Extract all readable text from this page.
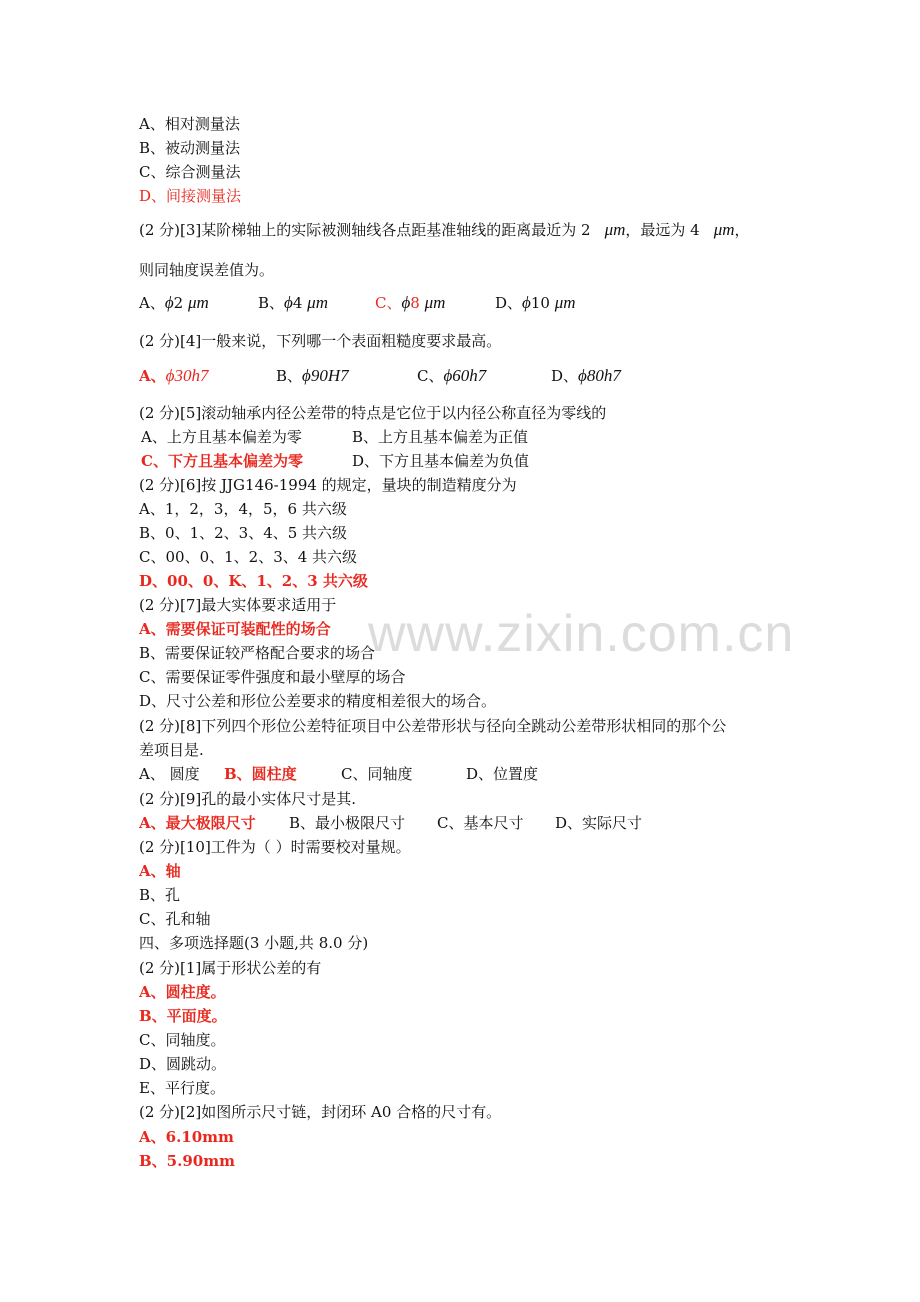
www.zixin.com.cn
A、相对测量法
B、被动测量法
C、综合测量法
D、间接测量法
(2 分)[3]某阶梯轴上的实际被测轴线各点距基准轴线的距离最近为 2 μm，最远为 4 μm，
则同轴度误差值为。
A、ϕ2 μm	B、ϕ4 μm	C、ϕ8 μm	D、ϕ10 μm
(2 分)[4]一般来说，下列哪一个表面粗糙度要求最高。
A、ϕ30h7	B、ϕ90H7	C、ϕ60h7	D、ϕ80h7
(2 分)[5]滚动轴承内径公差带的特点是它位于以内径公称直径为零线的
A、上方且基本偏差为零	B、上方且基本偏差为正值
C、下方且基本偏差为零	D、下方且基本偏差为负值
(2 分)[6]按 JJG146-1994 的规定，量块的制造精度分为
A、1，2，3，4，5，6 共六级
B、0、1、2、3、4、5 共六级
C、00、0、1、2、3、4 共六级
D、00、0、K、1、2、3 共六级
(2 分)[7]最大实体要求适用于
A、需要保证可装配性的场合
B、需要保证较严格配合要求的场合
C、需要保证零件强度和最小壁厚的场合
D、尺寸公差和形位公差要求的精度相差很大的场合。
(2 分)[8]下列四个形位公差特征项目中公差带形状与径向全跳动公差带形状相同的那个公
差项目是.
A、 圆度 B、圆柱度	C、同轴度	D、位置度
(2 分)[9]孔的最小实体尺寸是其.
A、最大极限尺寸 B、最小极限尺寸 C、基本尺寸 D、实际尺寸
(2 分)[10]工件为（ ）时需要校对量规。
A、轴
B、孔
C、孔和轴
四、多项选择题(3 小题,共 8.0 分)
(2 分)[1]属于形状公差的有
A、圆柱度。
B、平面度。
C、同轴度。
D、圆跳动。
E、平行度。
(2 分)[2]如图所示尺寸链，封闭环 A0 合格的尺寸有。
A、6.10mm
B、5.90mm
